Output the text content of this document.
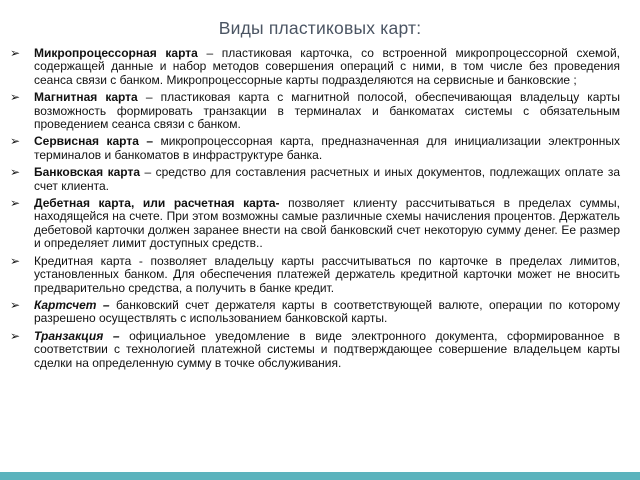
Виды пластиковых карт:
➢ Микропроцессорная карта – пластиковая карточка, со встроенной микропроцессорной схемой, содержащей данные и набор методов совершения операций с ними, в том числе без проведения сеанса связи с банком. Микропроцессорные карты подразделяются на сервисные и банковские ;
➢ Магнитная карта – пластиковая карта с магнитной полосой, обеспечивающая владельцу карты возможность формировать транзакции в терминалах и банкоматах системы с обязательным проведением сеанса связи с банком.
➢ Сервисная карта – микропроцессорная карта, предназначенная для инициализации электронных терминалов и банкоматов в инфраструктуре банка.
➢ Банковская карта – средство для составления расчетных и иных документов, подлежащих оплате за счет клиента.
➢ Дебетная карта, или расчетная карта- позволяет клиенту рассчитываться в пределах суммы, находящейся на счете. При этом возможны самые различные схемы начисления процентов. Держатель дебетовой карточки должен заранее внести на свой банковский счет некоторую сумму денег. Ее размер и определяет лимит доступных средств..
➢ Кредитная карта - позволяет владельцу карты рассчитываться по карточке в пределах лимитов, установленных банком. Для обеспечения платежей держатель кредитной карточки может не вносить предварительно средства, а получить в банке кредит.
➢ Картсчет – банковский счет держателя карты в соответствующей валюте, операции по которому разрешено осуществлять с использованием банковской карты.
➢ Транзакция – официальное уведомление в виде электронного документа, сформированное в соответствии с технологией платежной системы и подтверждающее совершение владельцем карты сделки на определенную сумму в точке обслуживания.
